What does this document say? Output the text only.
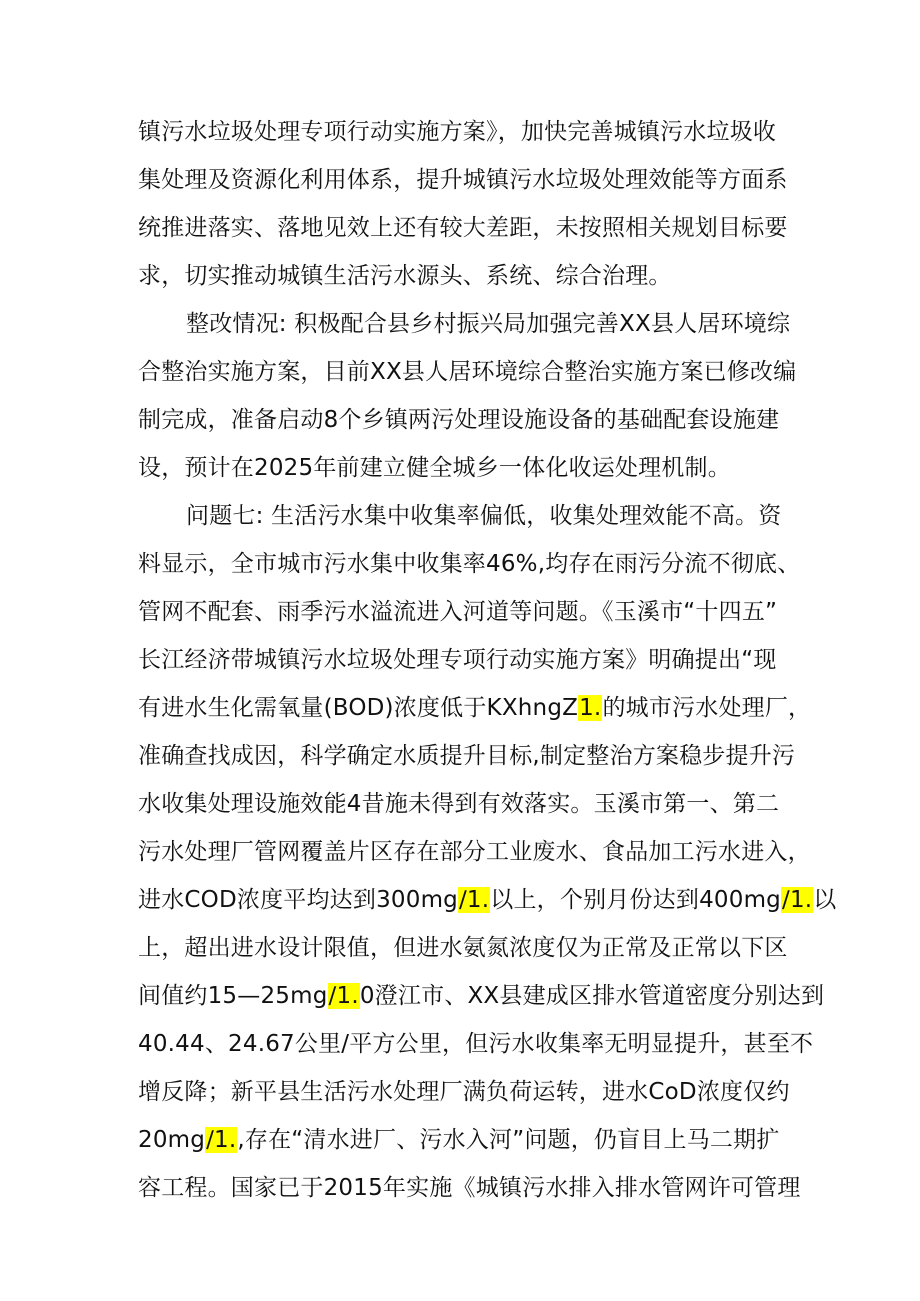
镇污水垃圾处理专项行动实施方案》，加快完善城镇污水垃圾收
集处理及资源化利用体系，提升城镇污水垃圾处理效能等方面系
统推进落实、落地见效上还有较大差距，未按照相关规划目标要
求，切实推动城镇生活污水源头、系统、综合治理。
整改情况: 积极配合县乡村振兴局加强完善XX县人居环境综
合整治实施方案，目前XX县人居环境综合整治实施方案已修改编
制完成，准备启动8个乡镇两污处理设施设备的基础配套设施建
设，预计在2025年前建立健全城乡一体化收运处理机制。
问题七: 生活污水集中收集率偏低，收集处理效能不高。资
料显示，全市城市污水集中收集率46%,均存在雨污分流不彻底、
管网不配套、雨季污水溢流进入河道等问题。《玉溪市“十四五”
长江经济带城镇污水垃圾处理专项行动实施方案》明确提出“现
有进水生化需氧量(BOD)浓度低于KXhngZ1.的城市污水处理厂，
准确查找成因，科学确定水质提升目标,制定整治方案稳步提升污
水收集处理设施效能4昔施未得到有效落实。玉溪市第一、第二
污水处理厂管网覆盖片区存在部分工业废水、食品加工污水进入，
进水COD浓度平均达到300mg∕1.以上，个别月份达到400mg∕1.以
上，超出进水设计限值，但进水氨氮浓度仅为正常及正常以下区
间值约15—25mg∕1.0澄江市、XX县建成区排水管道密度分别达到
40.44、24.67公里/平方公里，但污水收集率无明显提升，甚至不
增反降；新平县生活污水处理厂满负荷运转，进水CoD浓度仅约
20mg∕1.,存在“清水进厂、污水入河”问题，仍盲目上马二期扩
容工程。国家已于2015年实施《城镇污水排入排水管网许可管理
